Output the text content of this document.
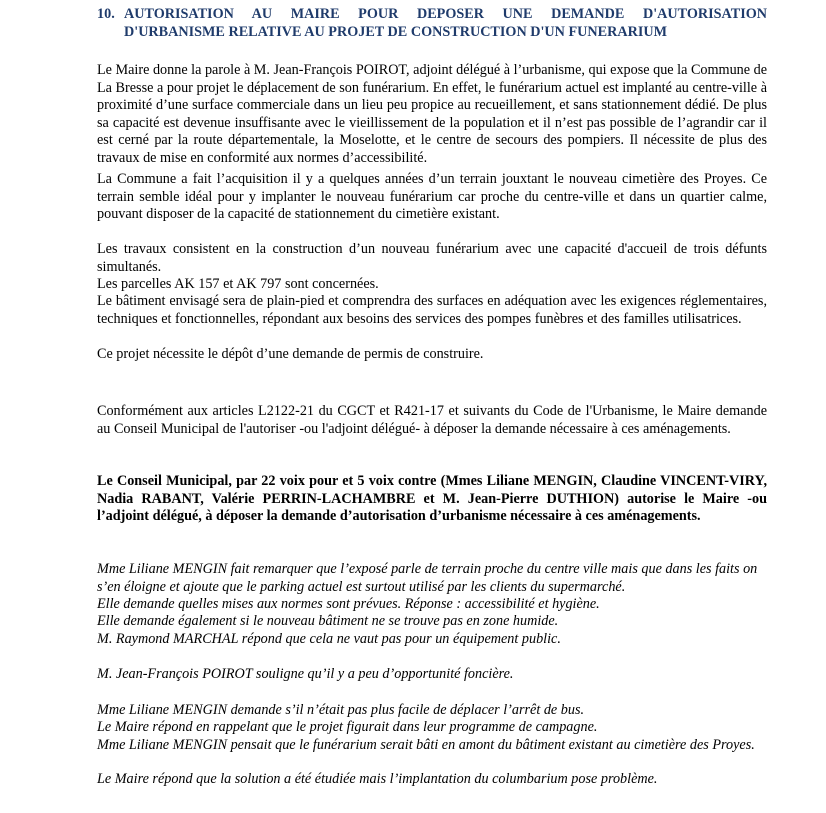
10. AUTORISATION AU MAIRE POUR DEPOSER UNE DEMANDE D'AUTORISATION
D'URBANISME RELATIVE AU PROJET DE CONSTRUCTION D'UN FUNERARIUM

Le Maire donne la parole à M. Jean-François POIROT, adjoint délégué à l’urbanisme, qui expose que la Commune de La Bresse a pour projet le déplacement de son funérarium. En effet, le funérarium actuel est implanté au centre-ville à proximité d’une surface commerciale dans un lieu peu propice au recueillement, et sans stationnement dédié. De plus sa capacité est devenue insuffisante avec le vieillissement de la population et il n’est pas possible de l’agrandir car il est cerné par la route départementale, la Moselotte, et le centre de secours des pompiers. Il nécessite de plus des travaux de mise en conformité aux normes d’accessibilité.

La Commune a fait l’acquisition il y a quelques années d’un terrain jouxtant le nouveau cimetière des Proyes. Ce terrain semble idéal pour y implanter le nouveau funérarium car proche du centre-ville et dans un quartier calme, pouvant disposer de la capacité de stationnement du cimetière existant.

Les travaux consistent en la construction d’un nouveau funérarium avec une capacité d'accueil de trois défunts simultanés.

Les parcelles AK 157 et AK 797 sont concernées.

Le bâtiment envisagé sera de plain-pied et comprendra des surfaces en adéquation avec les exigences réglementaires, techniques et fonctionnelles, répondant aux besoins des services des pompes funèbres et des familles utilisatrices.

Ce projet nécessite le dépôt d’une demande de permis de construire.

Conformément aux articles L2122-21 du CGCT et R421-17 et suivants du Code de l'Urbanisme, le Maire demande au Conseil Municipal de l'autoriser -ou l'adjoint délégué- à déposer la demande nécessaire à ces aménagements.

Le Conseil Municipal, par 22 voix pour et 5 voix contre (Mmes Liliane MENGIN, Claudine VINCENT-VIRY, Nadia RABANT, Valérie PERRIN-LACHAMBRE et M. Jean-Pierre DUTHION) autorise le Maire -ou l’adjoint délégué, à déposer la demande d’autorisation d’urbanisme nécessaire à ces aménagements.

Mme Liliane MENGIN fait remarquer que l’exposé parle de terrain proche du centre ville mais que dans les faits on s’en éloigne et ajoute que le parking actuel est surtout utilisé par les clients du supermarché.

Elle demande quelles mises aux normes sont prévues. Réponse : accessibilité et hygiène.

Elle demande également si le nouveau bâtiment ne se trouve pas en zone humide.

M. Raymond MARCHAL répond que cela ne vaut pas pour un équipement public.

M. Jean-François POIROT souligne qu’il y a peu d’opportunité foncière.

Mme Liliane MENGIN demande s’il n’était pas plus facile de déplacer l’arrêt de bus.

Le Maire répond en rappelant que le projet figurait dans leur programme de campagne.

Mme Liliane MENGIN pensait que le funérarium serait bâti en amont du bâtiment existant au cimetière des Proyes.

Le Maire répond que la solution a été étudiée mais l’implantation du columbarium pose problème.
